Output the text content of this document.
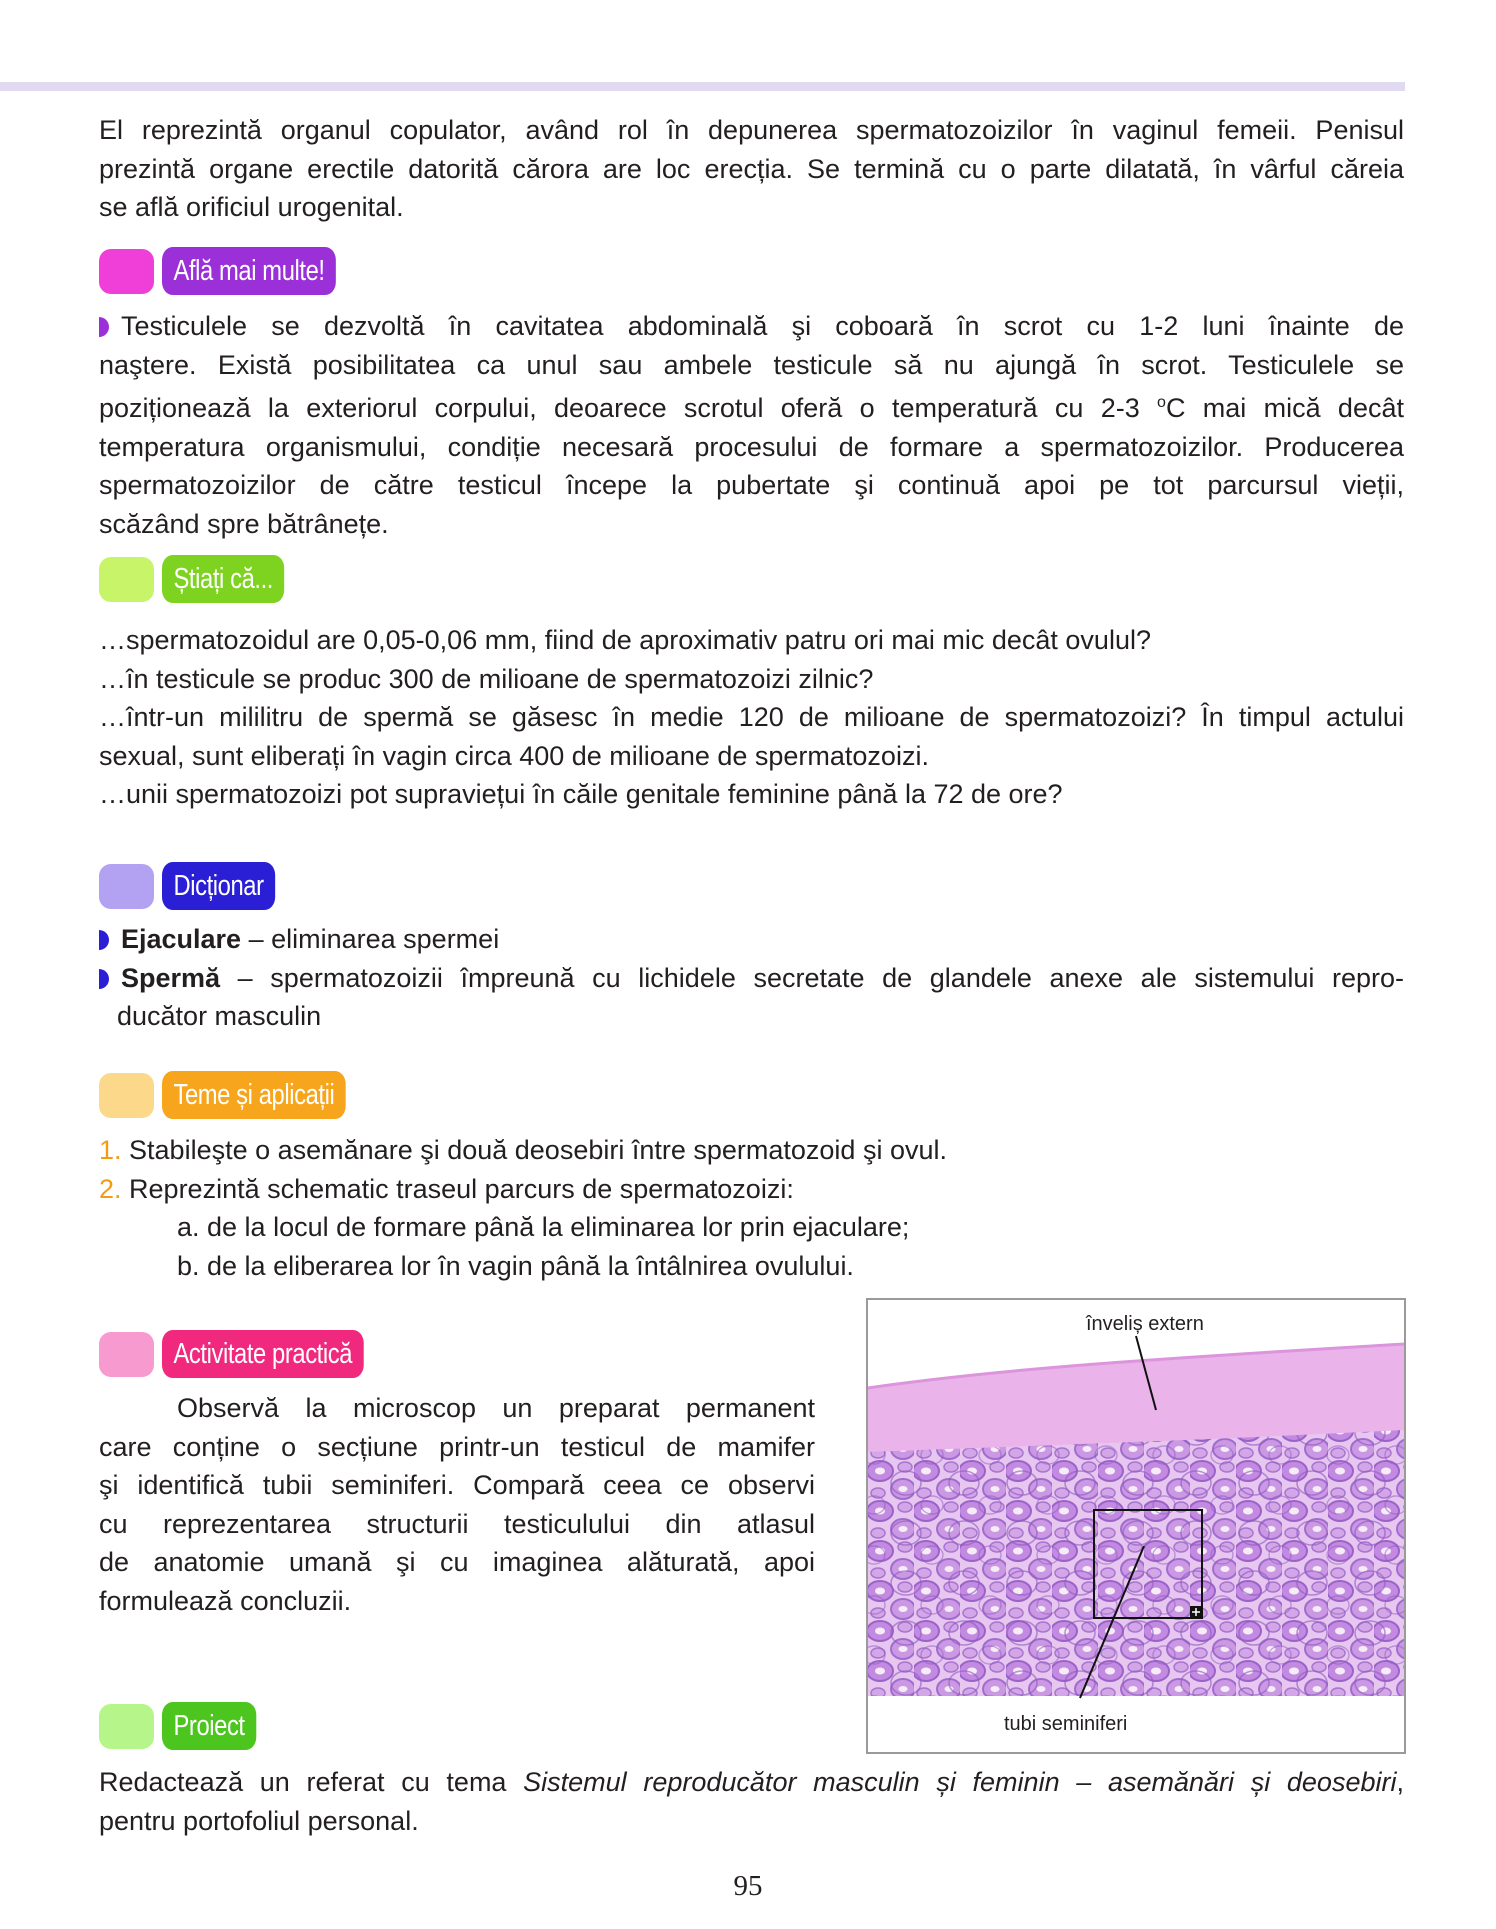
El reprezintă organul copulator, având rol în depunerea spermatozoizilor în vaginul femeii. Penisul
prezintă organe erectile datorită cărora are loc erecția. Se termină cu o parte dilatată, în vârful căreia
se află orificiul urogenital.
Află mai multe!
Testiculele se dezvoltă în cavitatea abdominală şi coboară în scrot cu 1-2 luni înainte de
naştere. Există posibilitatea ca unul sau ambele testicule să nu ajungă în scrot. Testiculele se
poziționează la exteriorul corpului, deoarece scrotul oferă o temperatură cu 2-3 $^o$C mai mică decât
temperatura organismului, condiție necesară procesului de formare a spermatozoizilor. Producerea
spermatozoizilor de către testicul începe la pubertate şi continuă apoi pe tot parcursul vieții,
scăzând spre bătrânețe.
Știați că...
…spermatozoidul are 0,05-0,06 mm, fiind de aproximativ patru ori mai mic decât ovulul?
…în testicule se produc 300 de milioane de spermatozoizi zilnic?
…într-un mililitru de spermă se găsesc în medie 120 de milioane de spermatozoizi? În timpul actului
sexual, sunt eliberați în vagin circa 400 de milioane de spermatozoizi.
…unii spermatozoizi pot supraviețui în căile genitale feminine până la 72 de ore?
Dicționar
Ejaculare – eliminarea spermei
Spermă – spermatozoizii împreună cu lichidele secretate de glandele anexe ale sistemului repro-
ducător masculin
Teme și aplicații
1. Stabileşte o asemănare şi două deosebiri între spermatozoid şi ovul.
2. Reprezintă schematic traseul parcurs de spermatozoizi:
a. de la locul de formare până la eliminarea lor prin ejaculare;
b. de la eliberarea lor în vagin până la întâlnirea ovulului.
Activitate practică
Observă la microscop un preparat permanent
care conține o secțiune printr-un testicul de mamifer
şi identifică tubii seminiferi. Compară ceea ce observi
cu reprezentarea structurii testiculului din atlasul
de anatomie umană şi cu imaginea alăturată, apoi
formulează concluzii.
înveliș extern
tubi seminiferi
Proiect
Redactează un referat cu tema Sistemul reproducător masculin și feminin – asemănări și deosebiri,
pentru portofoliul personal.
95
